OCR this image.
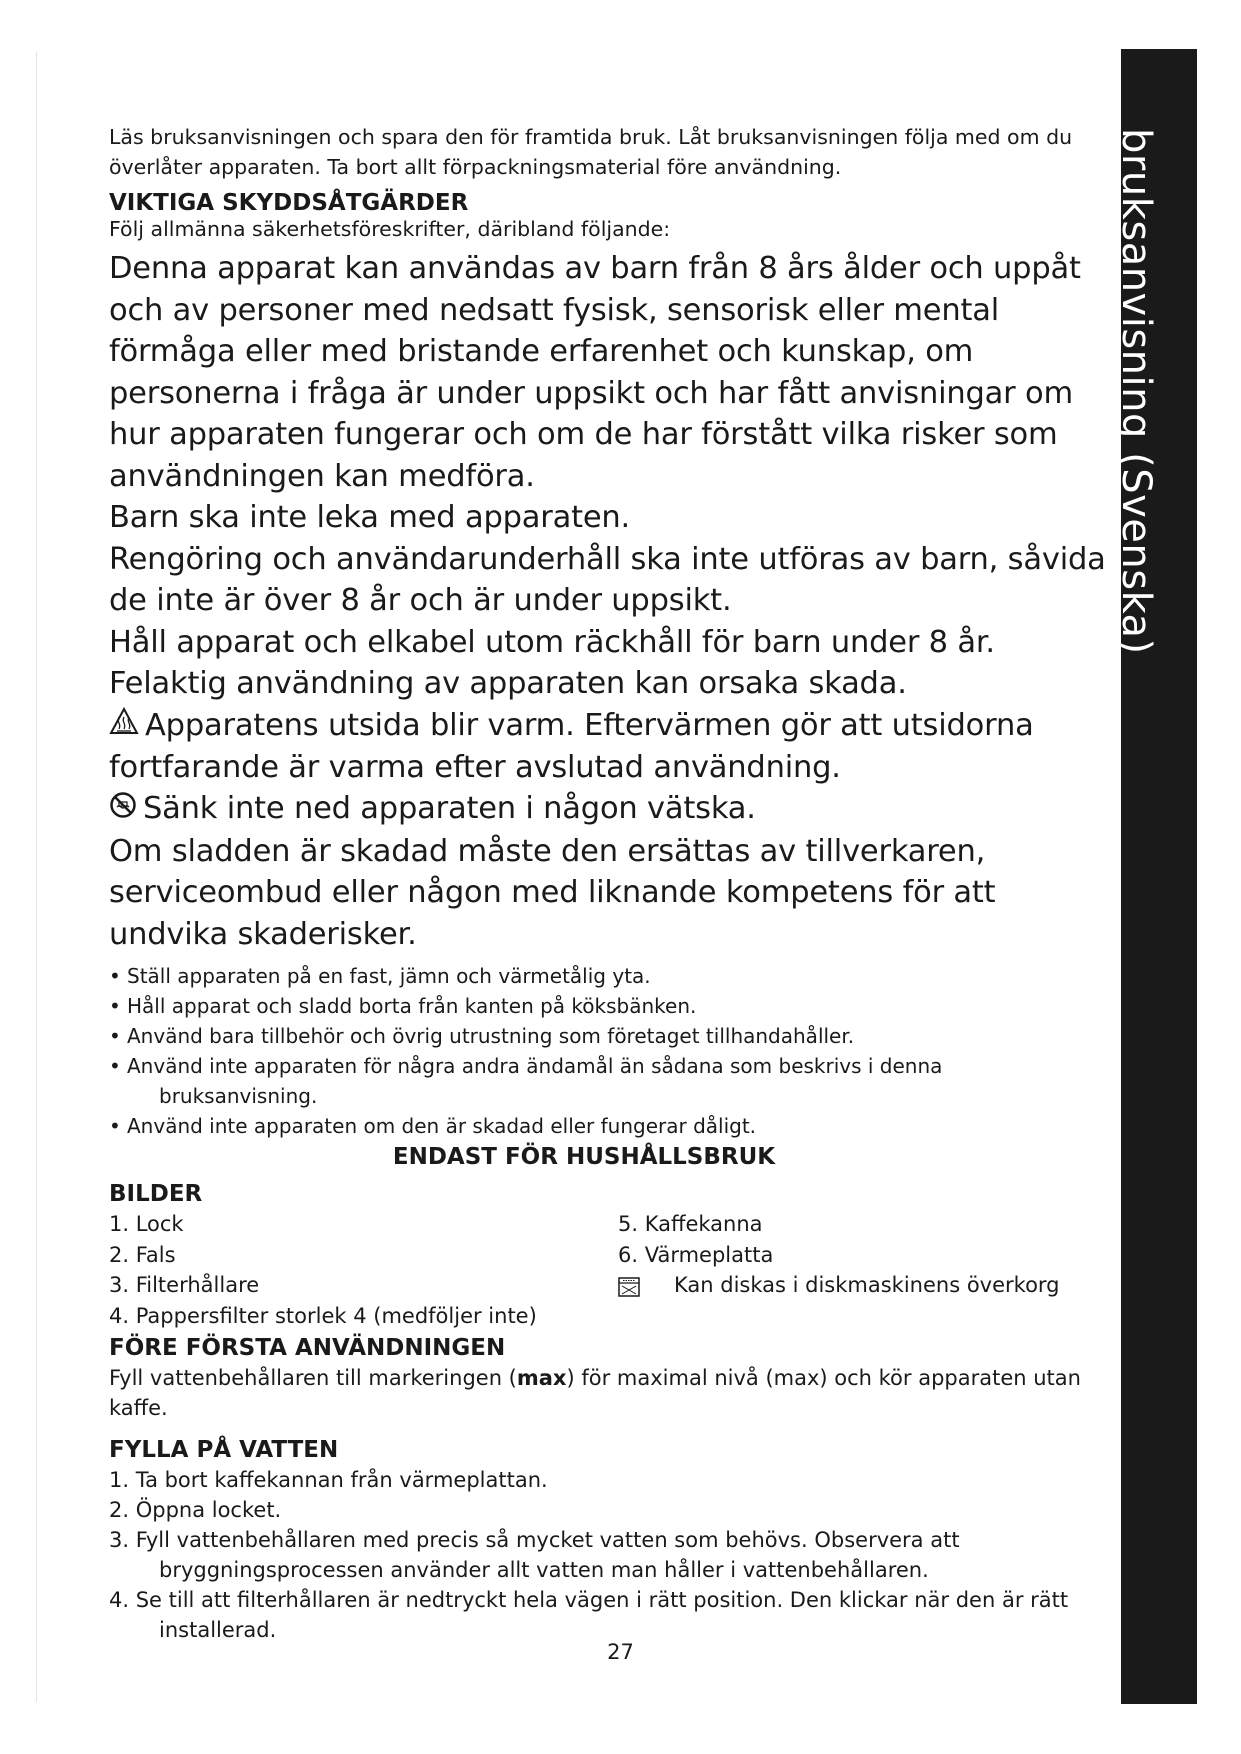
bruksanvisning (Svenska)

Läs bruksanvisningen och spara den för framtida bruk. Låt bruksanvisningen följa med om du överlåter apparaten. Ta bort allt förpackningsmaterial före användning.

VIKTIGA SKYDDSÅTGÄRDER

Följ allmänna säkerhetsföreskrifter, däribland följande:

Denna apparat kan användas av barn från 8 års ålder och uppåt och av personer med nedsatt fysisk, sensorisk eller mental förmåga eller med bristande erfarenhet och kunskap, om personerna i fråga är under uppsikt och har fått anvisningar om hur apparaten fungerar och om de har förstått vilka risker som användningen kan medföra.

Barn ska inte leka med apparaten.

Rengöring och användarunderhåll ska inte utföras av barn, såvida de inte är över 8 år och är under uppsikt.

Håll apparat och elkabel utom räckhåll för barn under 8 år.

Felaktig användning av apparaten kan orsaka skada.

Apparatens utsida blir varm. Eftervärmen gör att utsidorna fortfarande är varma efter avslutad användning.

Sänk inte ned apparaten i någon vätska.

Om sladden är skadad måste den ersättas av tillverkaren, serviceombud eller någon med liknande kompetens för att undvika skaderisker.

• Ställ apparaten på en fast, jämn och värmetålig yta.
• Håll apparat och sladd borta från kanten på köksbänken.
• Använd bara tillbehör och övrig utrustning som företaget tillhandahåller.
• Använd inte apparaten för några andra ändamål än sådana som beskrivs i denna
bruksanvisning.
• Använd inte apparaten om den är skadad eller fungerar dåligt.

ENDAST FÖR HUSHÅLLSBRUK

BILDER

1. Lock
2. Fals
3. Filterhållare
4. Pappersfilter storlek 4 (medföljer inte)
5. Kaffekanna
6. Värmeplatta
Kan diskas i diskmaskinens överkorg

FÖRE FÖRSTA ANVÄNDNINGEN

Fyll vattenbehållaren till markeringen (max) för maximal nivå (max) och kör apparaten utan kaffe.

FYLLA PÅ VATTEN

1. Ta bort kaffekannan från värmeplattan.
2. Öppna locket.
3. Fyll vattenbehållaren med precis så mycket vatten som behövs. Observera att
bryggningsprocessen använder allt vatten man håller i vattenbehållaren.
4. Se till att filterhållaren är nedtryckt hela vägen i rätt position. Den klickar när den är rätt
installerad.
27
